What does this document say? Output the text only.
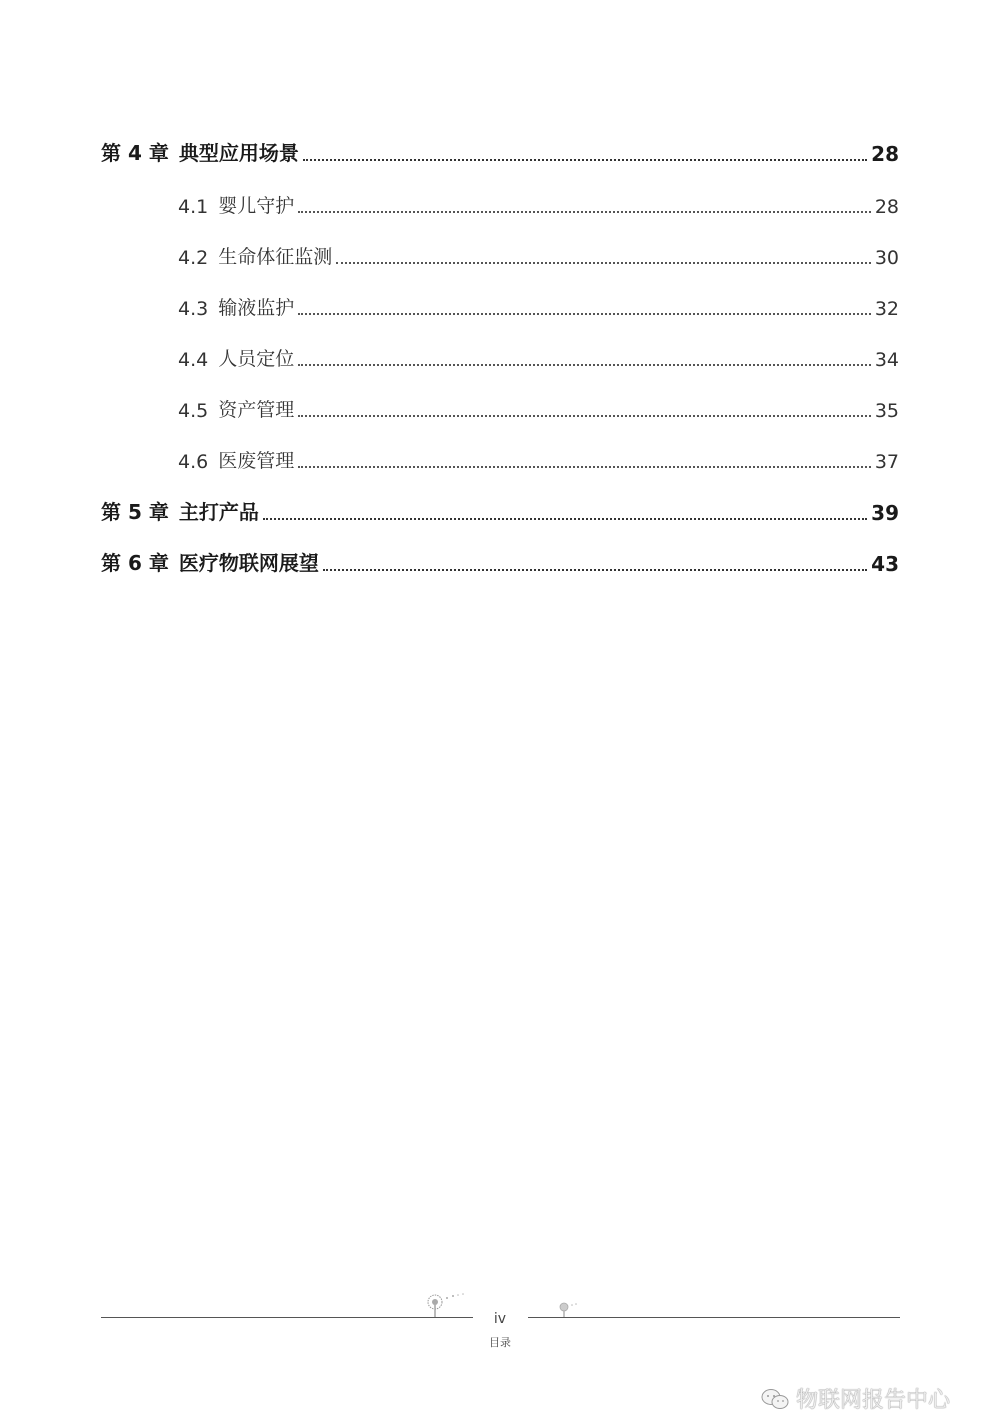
第 4 章 典型应用场景	28
4.1 婴儿守护	28
4.2 生命体征监测	30
4.3 输液监护	32
4.4 人员定位	34
4.5 资产管理	35
4.6 医废管理	37
第 5 章 主打产品	39
第 6 章 医疗物联网展望	43
iv
目录
物联网报告中心
